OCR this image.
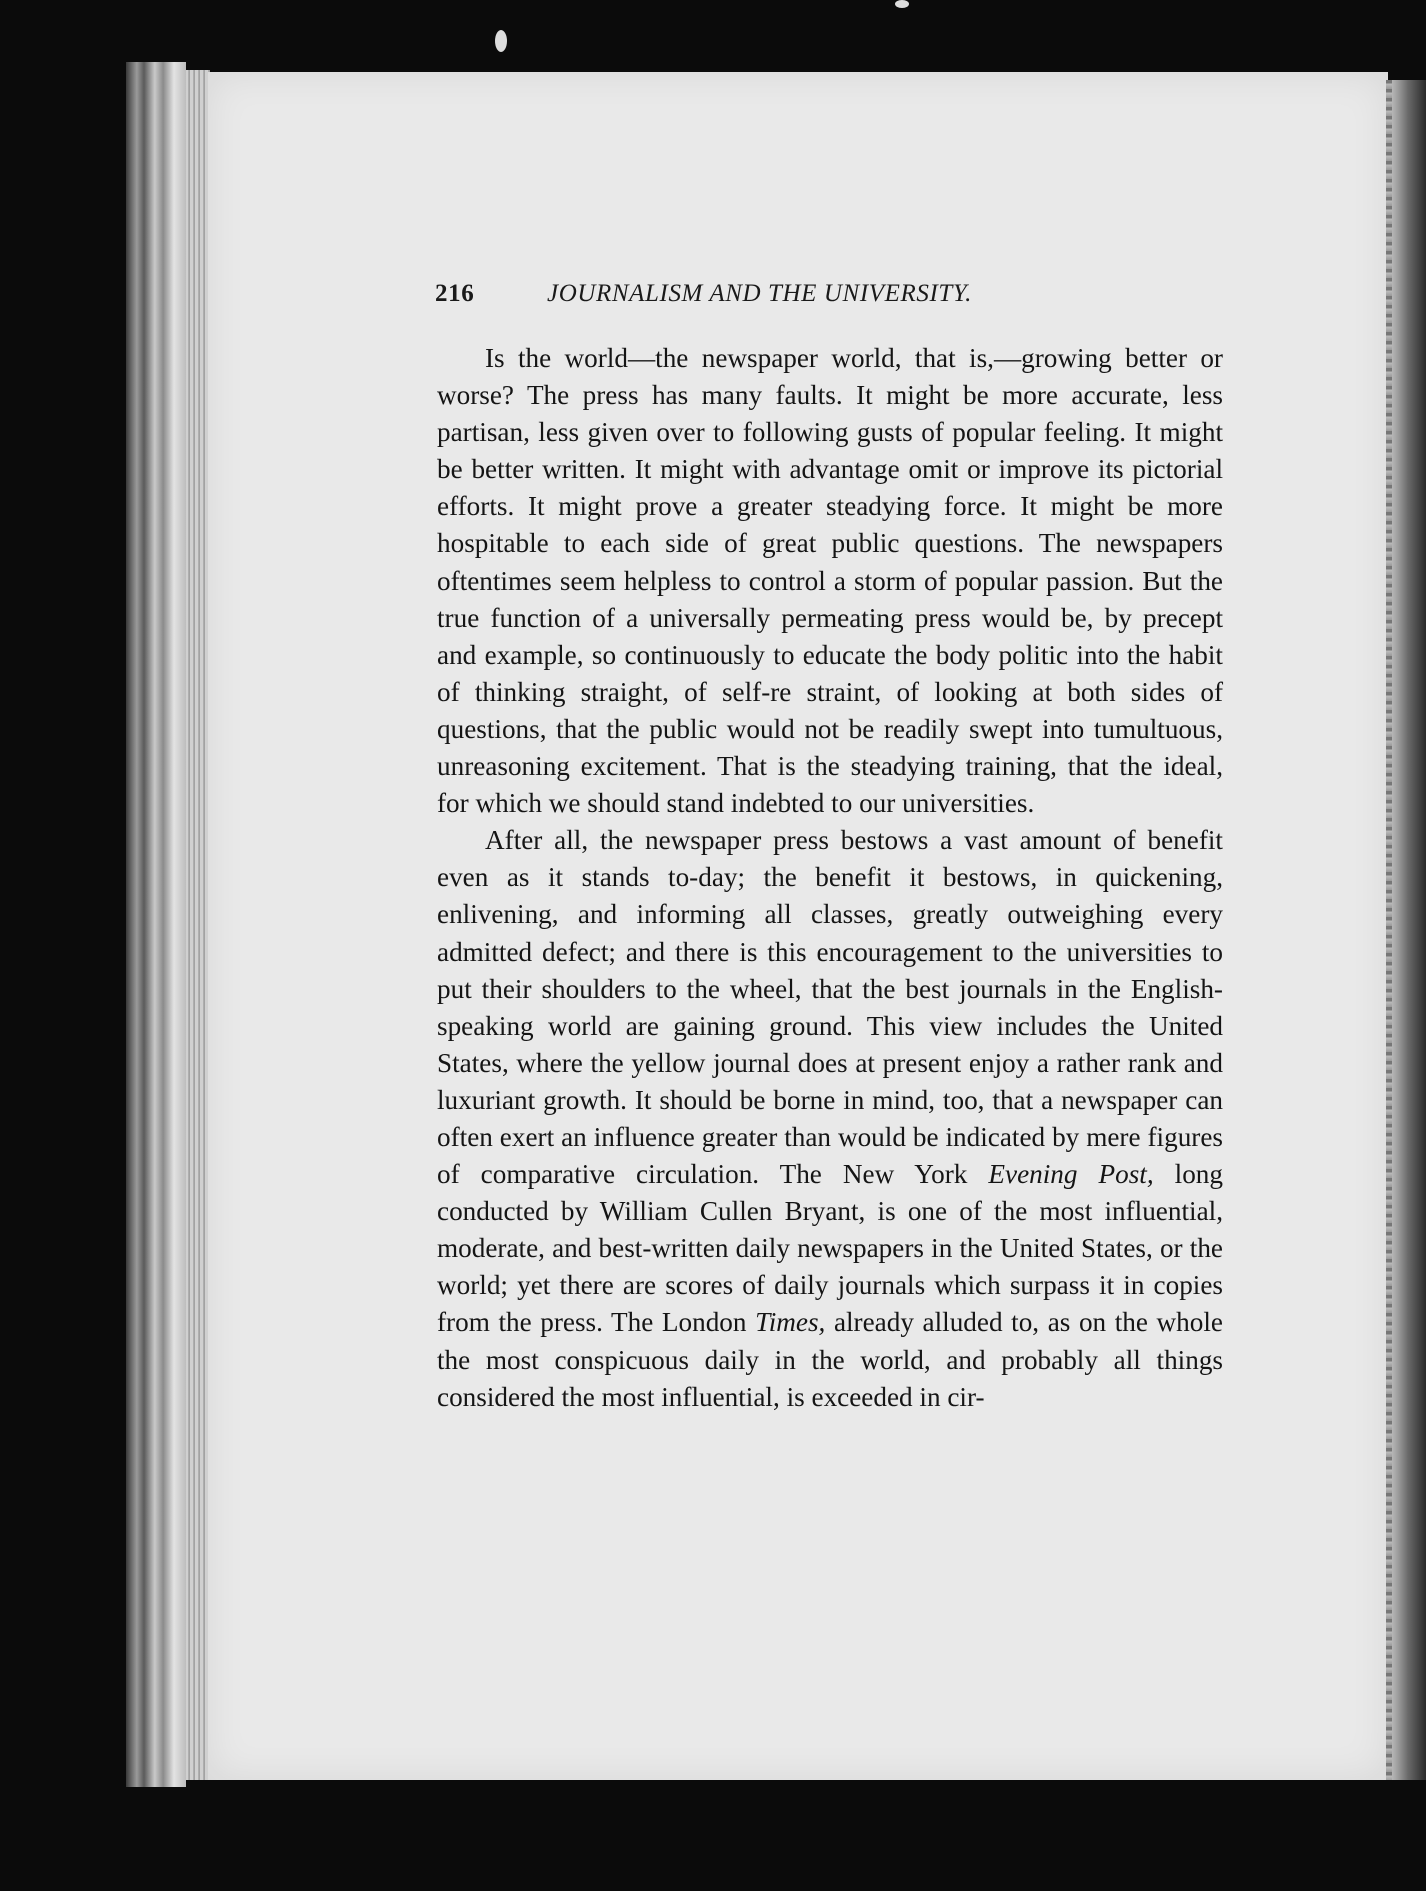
216	JOURNALISM AND THE UNIVERSITY.

Is the world—the newspaper world, that is,—growing better or worse? The press has many faults. It might be more accurate, less partisan, less given over to following gusts of popular feeling. It might be better written. It might with advantage omit or improve its pictorial efforts. It might prove a greater steadying force. It might be more hospitable to each side of great public questions. The newspapers oftentimes seem helpless to control a storm of popular passion. But the true function of a universally permeating press would be, by precept and example, so continuously to educate the body politic into the habit of thinking straight, of self-re straint, of looking at both sides of questions, that the public would not be readily swept into tumultuous, unreasoning excitement. That is the steadying training, that the ideal, for which we should stand indebted to our universities.

After all, the newspaper press bestows a vast amount of benefit even as it stands to-day; the benefit it bestows, in quickening, enlivening, and informing all classes, greatly outweighing every admitted defect; and there is this encouragement to the universities to put their shoulders to the wheel, that the best journals in the English-speaking world are gaining ground. This view includes the United States, where the yellow journal does at present enjoy a rather rank and luxuriant growth. It should be borne in mind, too, that a newspaper can often exert an influence greater than would be indicated by mere figures of comparative circulation. The New York Evening Post, long conducted by William Cullen Bryant, is one of the most influential, moderate, and best-written daily newspapers in the United States, or the world; yet there are scores of daily journals which surpass it in copies from the press. The London Times, already alluded to, as on the whole the most conspicuous daily in the world, and probably all things considered the most influential, is exceeded in cir-
